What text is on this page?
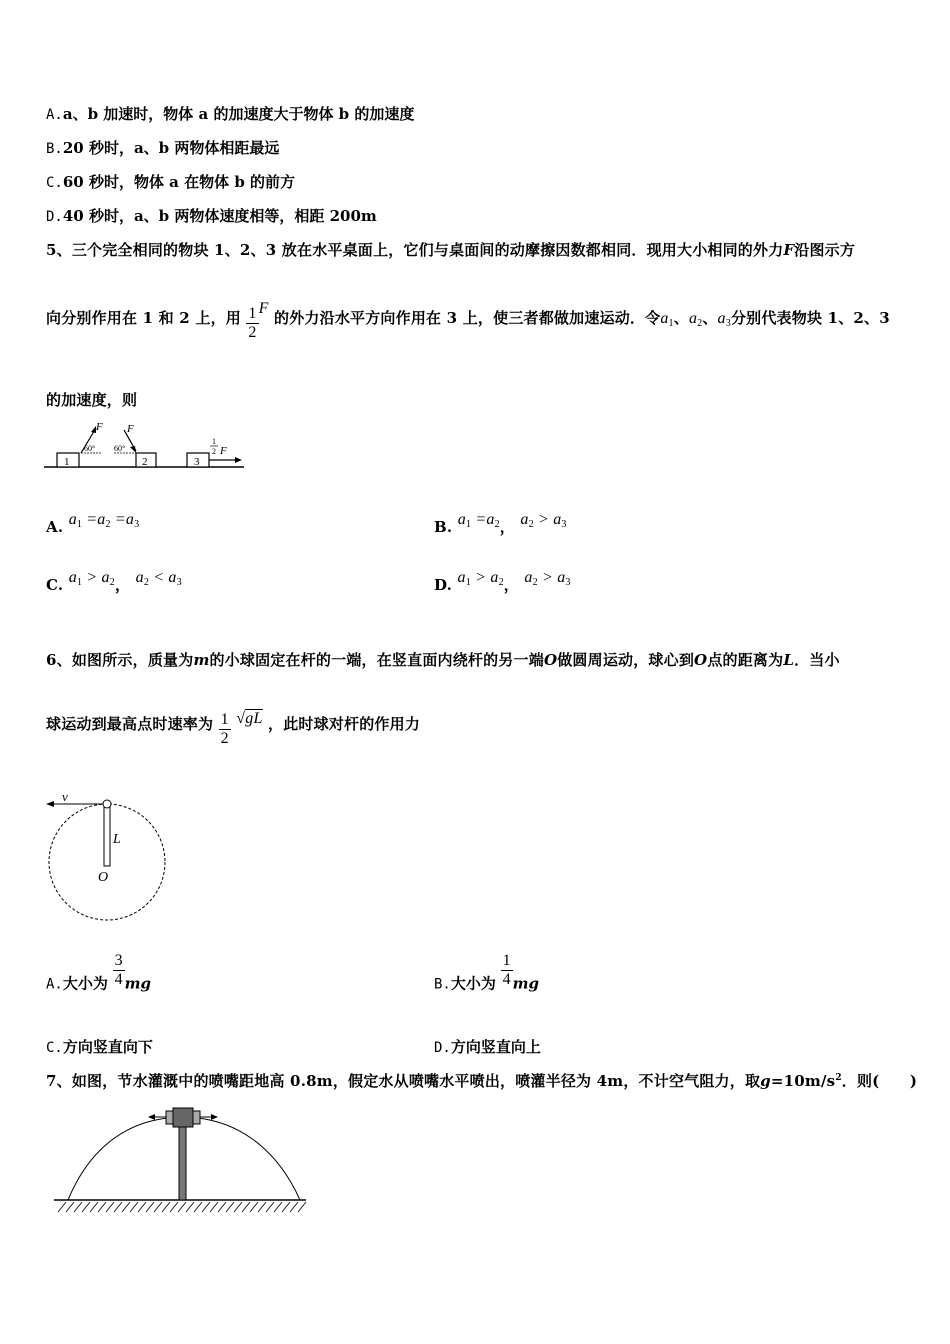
A.a、b 加速时，物体 a 的加速度大于物体 b 的加速度
B.20 秒时，a、b 两物体相距最远
C.60 秒时，物体 a 在物体 b 的前方
D.40 秒时，a、b 两物体速度相等，相距 200m
5、三个完全相同的物块 1、2、3 放在水平桌面上，它们与桌面间的动摩擦因数都相同．现用大小相同的外力F沿图示方
向分别作用在 1 和 2 上，用 $\frac{1}{2}$ F 的外力沿水平方向作用在 3 上，使三者都做加速运动．令$a_1$、$a_2$、$a_3$分别代表物块 1、2、3
的加速度，则
1	2	3
F
60°
F
60°
1
2 F
A. $a_1 =a_2 =a_3$	B. $a_1 =a_2$， $a_2 > a_3$
C. $a_1 > a_2$， $a_2 < a_3$	D. $a_1 > a_2$， $a_2 > a_3$
6、如图所示，质量为m的小球固定在杆的一端，在竖直面内绕杆的另一端O做圆周运动，球心到O点的距离为L．当小
球运动到最高点时速率为 $\frac{1}{2} √gL$ ，此时球对杆的作用力
v
L
O
A.大小为 $\frac{3}{4}$ mg	B.大小为 $\frac{1}{4}$ mg
C.方向竖直向下	D.方向竖直向上
7、如图，节水灌溉中的喷嘴距地高 0.8m，假定水从喷嘴水平喷出，喷灌半径为 4m，不计空气阻力，取$g=10m/s^2$．则(　　)
